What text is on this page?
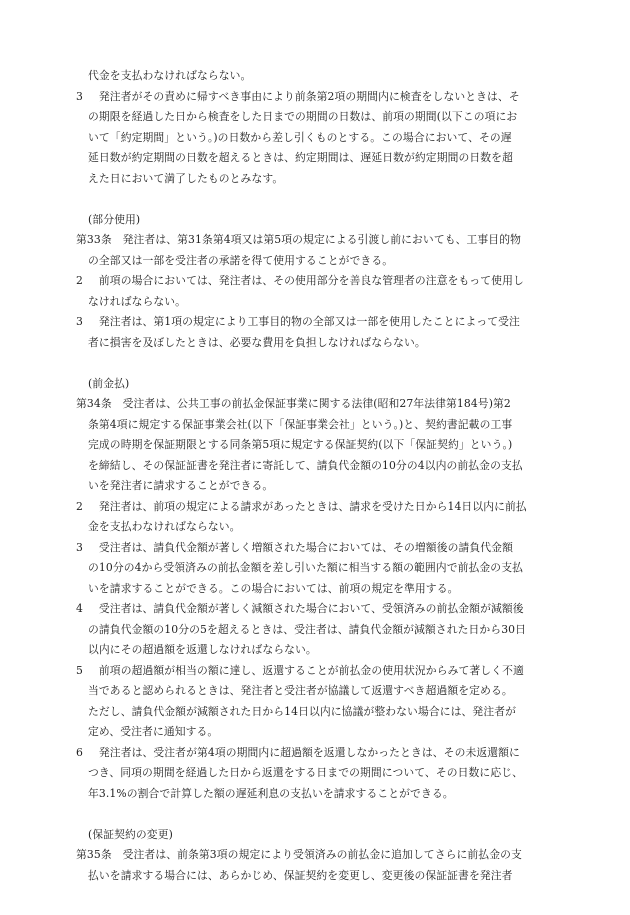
代金を支払わなければならない。
3 　発注者がその責めに帰すべき事由により前条第2項の期間内に検査をしないときは、そ
の期限を経過した日から検査をした日までの期間の日数は、前項の期間(以下この項にお
いて「約定期間」という。)の日数から差し引くものとする。この場合において、その遅
延日数が約定期間の日数を超えるときは、約定期間は、遅延日数が約定期間の日数を超
えた日において満了したものとみなす。
(部分使用)
第33条　発注者は、第31条第4項又は第5項の規定による引渡し前においても、工事目的物
の全部又は一部を受注者の承諾を得て使用することができる。
2 　前項の場合においては、発注者は、その使用部分を善良な管理者の注意をもって使用し
なければならない。
3 　発注者は、第1項の規定により工事目的物の全部又は一部を使用したことによって受注
者に損害を及ぼしたときは、必要な費用を負担しなければならない。
(前金払)
第34条　受注者は、公共工事の前払金保証事業に関する法律(昭和27年法律第184号)第2
条第4項に規定する保証事業会社(以下「保証事業会社」という。)と、契約書記載の工事
完成の時期を保証期限とする同条第5項に規定する保証契約(以下「保証契約」という。)
を締結し、その保証証書を発注者に寄託して、請負代金額の10分の4以内の前払金の支払
いを発注者に請求することができる。
2 　発注者は、前項の規定による請求があったときは、請求を受けた日から14日以内に前払
金を支払わなければならない。
3 　受注者は、請負代金額が著しく増額された場合においては、その増額後の請負代金額
の10分の4から受領済みの前払金額を差し引いた額に相当する額の範囲内で前払金の支払
いを請求することができる。この場合においては、前項の規定を準用する。
4 　受注者は、請負代金額が著しく減額された場合において、受領済みの前払金額が減額後
の請負代金額の10分の5を超えるときは、受注者は、請負代金額が減額された日から30日
以内にその超過額を返還しなければならない。
5 　前項の超過額が相当の額に達し、返還することが前払金の使用状況からみて著しく不適
当であると認められるときは、発注者と受注者が協議して返還すべき超過額を定める。
ただし、請負代金額が減額された日から14日以内に協議が整わない場合には、発注者が
定め、受注者に通知する。
6 　発注者は、受注者が第4項の期間内に超過額を返還しなかったときは、その未返還額に
つき、同項の期間を経過した日から返還をする日までの期間について、その日数に応じ、
年3.1%の割合で計算した額の遅延利息の支払いを請求することができる。
(保証契約の変更)
第35条　受注者は、前条第3項の規定により受領済みの前払金に追加してさらに前払金の支
払いを請求する場合には、あらかじめ、保証契約を変更し、変更後の保証証書を発注者
